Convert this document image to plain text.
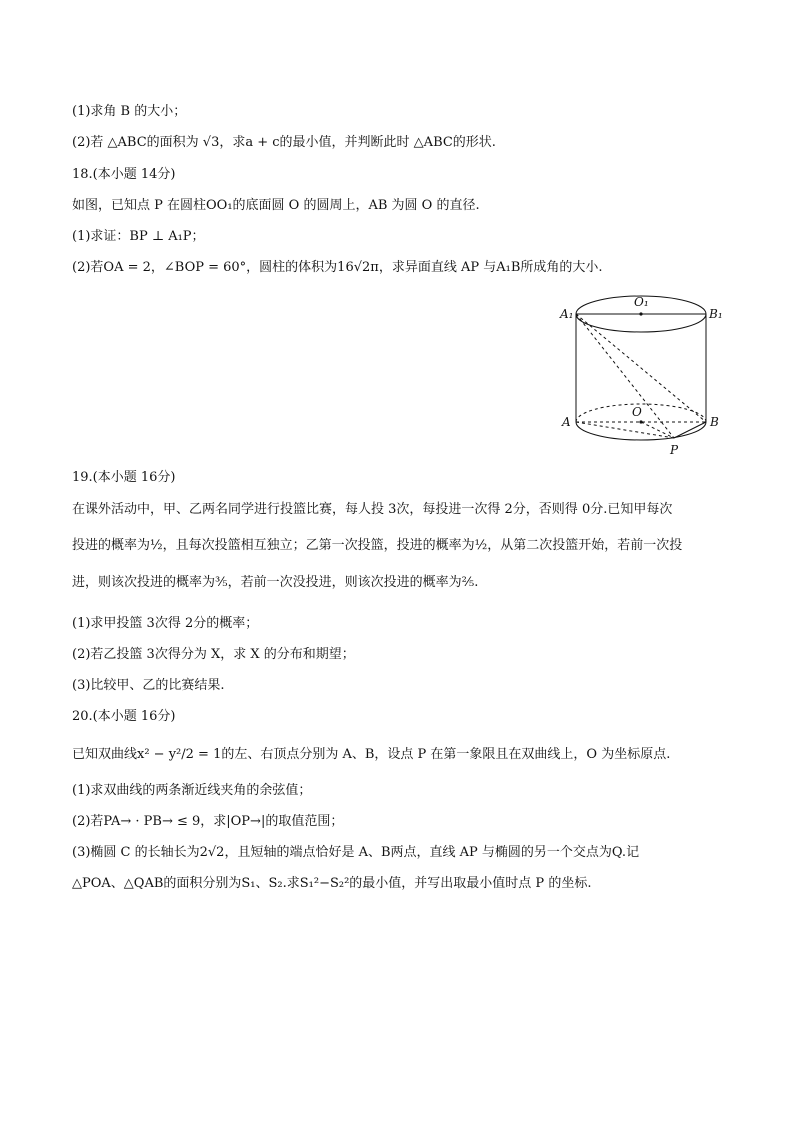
(1)求角 B 的大小；
(2)若 △ABC的面积为 √3，求a + c的最小值，并判断此时 △ABC的形状.
18.(本小题 14分)
如图，已知点 P 在圆柱OO₁的底面圆 O 的圆周上，AB 为圆 O 的直径.
(1)求证：BP ⊥ A₁P；
(2)若OA = 2，∠BOP = 60°，圆柱的体积为16√2π，求异面直线 AP 与A₁B所成角的大小.
A₁
O₁
B₁
A
O
B
P
19.(本小题 16分)
在课外活动中，甲、乙两名同学进行投篮比赛，每人投 3次，每投进一次得 2分，否则得 0分.已知甲每次
投进的概率为½，且每次投篮相互独立；乙第一次投篮，投进的概率为½，从第二次投篮开始，若前一次投
进，则该次投进的概率为⅗，若前一次没投进，则该次投进的概率为⅖.
(1)求甲投篮 3次得 2分的概率；
(2)若乙投篮 3次得分为 X，求 X 的分布和期望；
(3)比较甲、乙的比赛结果.
20.(本小题 16分)
已知双曲线x² − y²/2 = 1的左、右顶点分别为 A、B，设点 P 在第一象限且在双曲线上，O 为坐标原点.
(1)求双曲线的两条渐近线夹角的余弦值；
(2)若PA→ · PB→ ≤ 9，求|OP→|的取值范围；
(3)椭圆 C 的长轴长为2√2，且短轴的端点恰好是 A、B两点，直线 AP 与椭圆的另一个交点为Q.记
△POA、△QAB的面积分别为S₁、S₂.求S₁²−S₂²的最小值，并写出取最小值时点 P 的坐标.
